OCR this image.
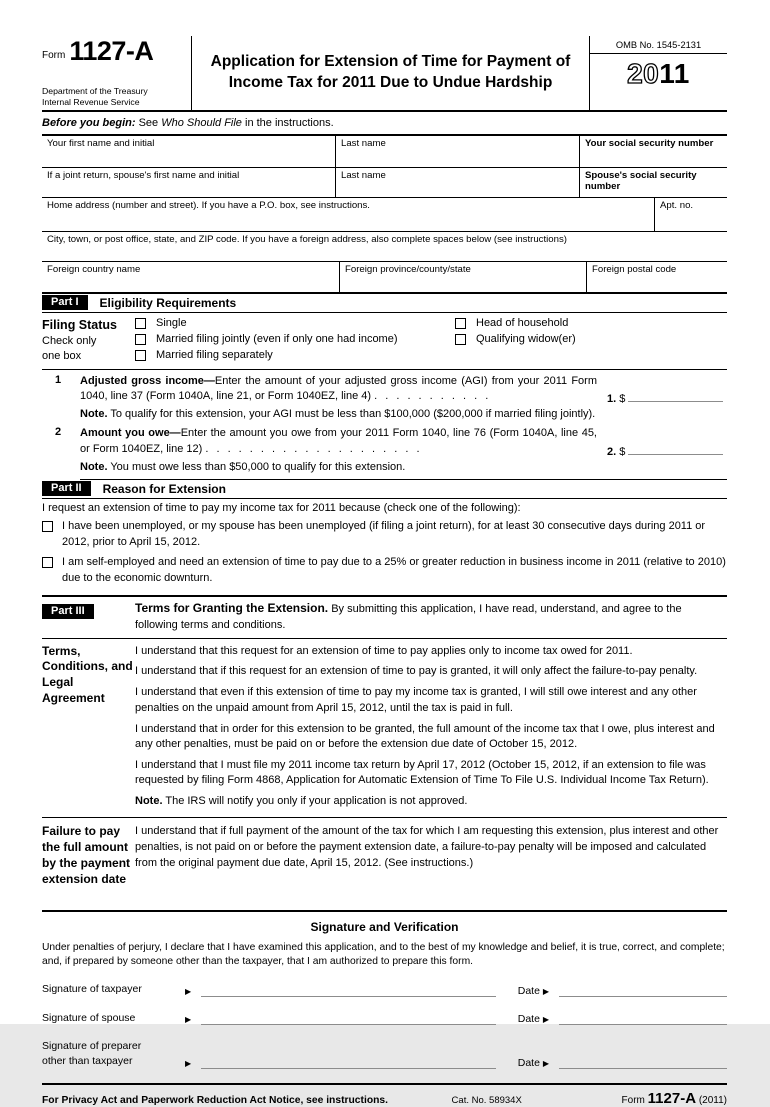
Form 1127-A
Department of the Treasury
Internal Revenue Service
Application for Extension of Time for Payment of
Income Tax for 2011 Due to Undue Hardship
OMB No. 1545-2131
2011
Before you begin: See Who Should File in the instructions.
Your first name and initial	Last name	Your social security number
If a joint return, spouse's first name and initial	Last name	Spouse's social security number
Home address (number and street). If you have a P.O. box, see instructions.	Apt. no.
City, town, or post office, state, and ZIP code. If you have a foreign address, also complete spaces below (see instructions)
Foreign country name	Foreign province/county/state	Foreign postal code
Part I	Eligibility Requirements
Filing Status
Check only
one box
Single
Married filing jointly (even if only one had income)
Married filing separately
Head of household
Qualifying widow(er)
1	Adjusted gross income—Enter the amount of your adjusted gross income (AGI) from your 2011 Form 1040, line 37 (Form 1040A, line 21, or Form 1040EZ, line 4) . . . . . . . . . . .	1. $
Note. To qualify for this extension, your AGI must be less than $100,000 ($200,000 if married filing jointly).
2	Amount you owe—Enter the amount you owe from your 2011 Form 1040, line 76 (Form 1040A, line 45, or Form 1040EZ, line 12) . . . . . . . . . . . . . . . . . . . .	2. $
Note. You must owe less than $50,000 to qualify for this extension.
Part II	Reason for Extension
I request an extension of time to pay my income tax for 2011 because (check one of the following):
I have been unemployed, or my spouse has been unemployed (if filing a joint return), for at least 30 consecutive days during 2011 or 2012, prior to April 15, 2012.
I am self-employed and need an extension of time to pay due to a 25% or greater reduction in business income in 2011 (relative to 2010) due to the economic downturn.
Part III	Terms for Granting the Extension. By submitting this application, I have read, understand, and agree to the following terms and conditions.
Terms, Conditions, and Legal Agreement
I understand that this request for an extension of time to pay applies only to income tax owed for 2011.
I understand that if this request for an extension of time to pay is granted, it will only affect the failure-to-pay penalty.
I understand that even if this extension of time to pay my income tax is granted, I will still owe interest and any other penalties on the unpaid amount from April 15, 2012, until the tax is paid in full.
I understand that in order for this extension to be granted, the full amount of the income tax that I owe, plus interest and any other penalties, must be paid on or before the extension due date of October 15, 2012.
I understand that I must file my 2011 income tax return by April 17, 2012 (October 15, 2012, if an extension to file was requested by filing Form 4868, Application for Automatic Extension of Time To File U.S. Individual Income Tax Return).
Note. The IRS will notify you only if your application is not approved.
Failure to pay the full amount by the payment extension date
I understand that if full payment of the amount of the tax for which I am requesting this extension, plus interest and other penalties, is not paid on or before the payment extension date, a failure-to-pay penalty will be imposed and calculated from the original payment due date, April 15, 2012. (See instructions.)
Signature and Verification
Under penalties of perjury, I declare that I have examined this application, and to the best of my knowledge and belief, it is true, correct, and complete; and, if prepared by someone other than the taxpayer, that I am authorized to prepare this form.
Signature of taxpayer	▶	Date ▶
Signature of spouse	▶	Date ▶
Signature of preparer
other than taxpayer	▶	Date ▶
For Privacy Act and Paperwork Reduction Act Notice, see instructions.	Cat. No. 58934X	Form 1127-A (2011)
